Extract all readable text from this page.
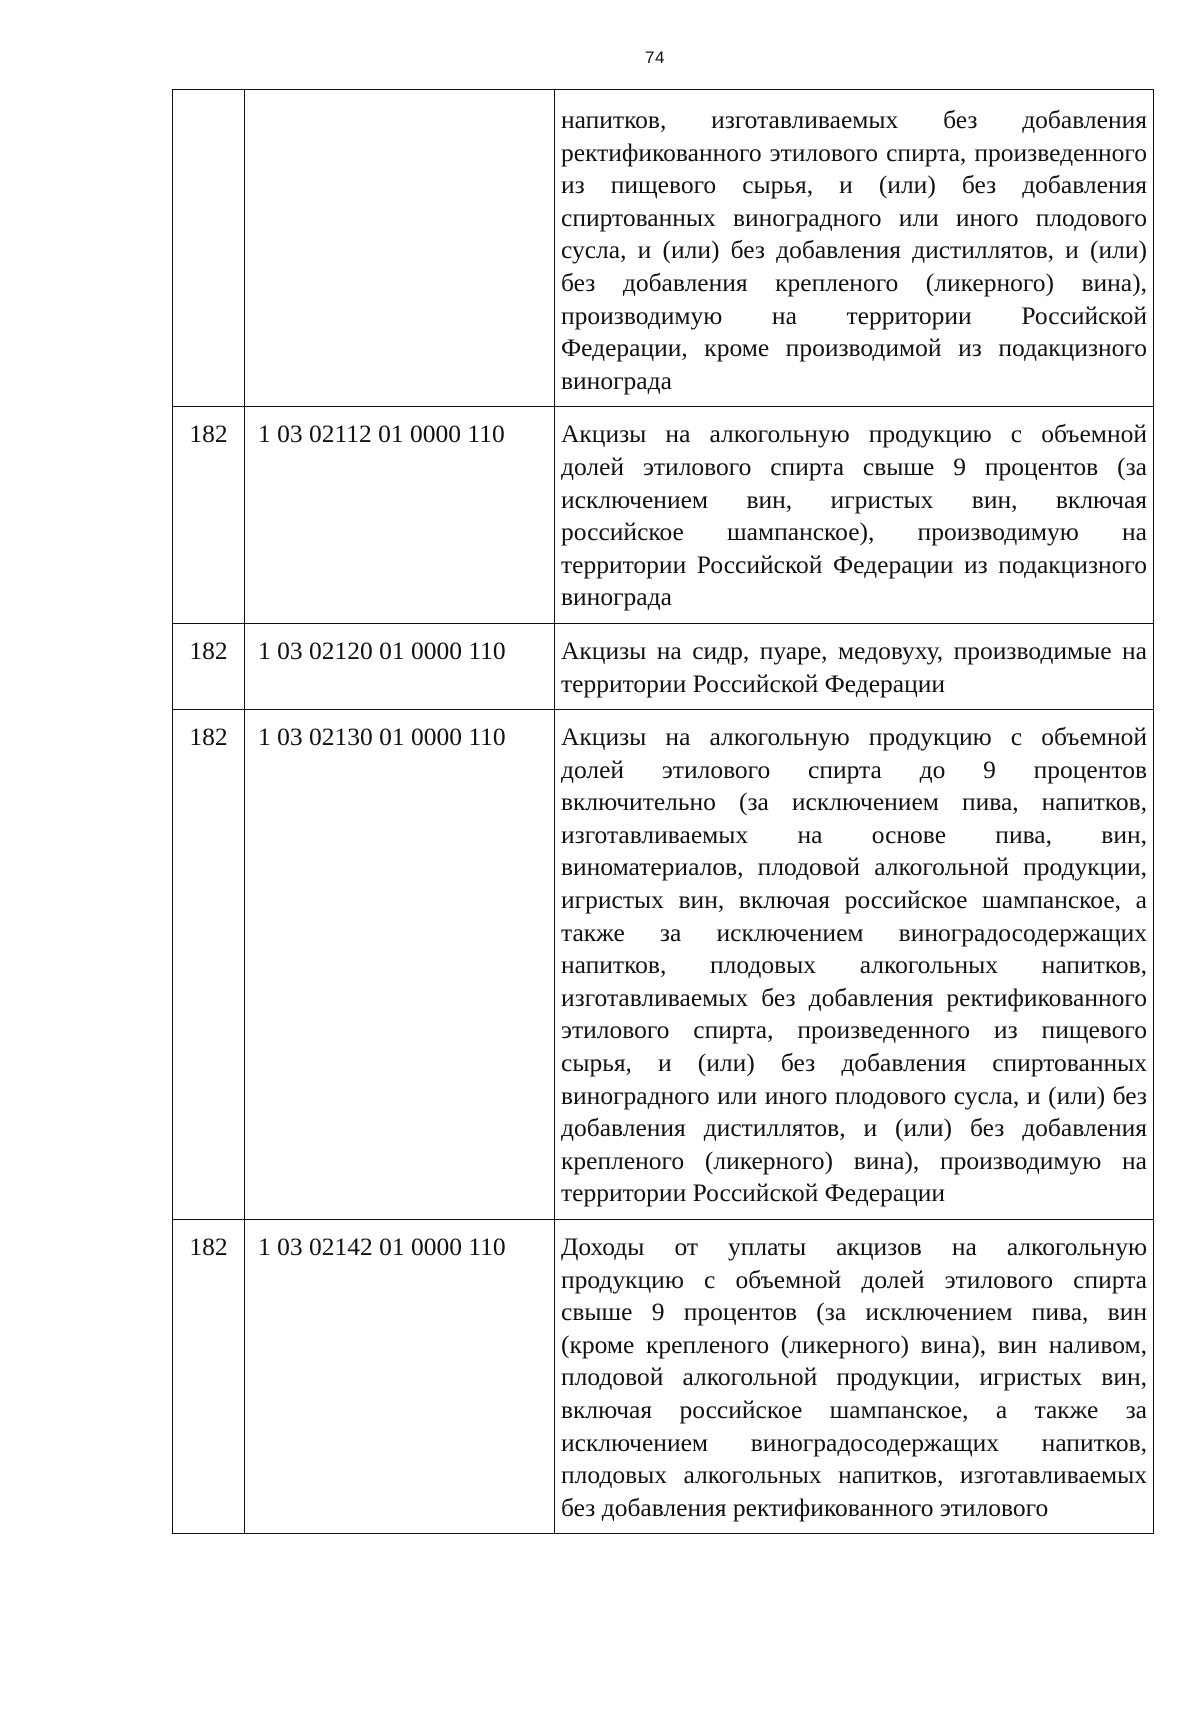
74
		напитков, изготавливаемых без добавления ректификованного этилового спирта, произведенного из пищевого сырья, и (или) без добавления спиртованных виноградного или иного плодового сусла, и (или) без добавления дистиллятов, и (или) без добавления крепленого (ликерного) вина), производимую на территории Российской Федерации, кроме производимой из подакцизного винограда
182	1 03 02112 01 0000 110	Акцизы на алкогольную продукцию с объемной долей этилового спирта свыше 9 процентов (за исключением вин, игристых вин, включая российское шампанское), производимую на территории Российской Федерации из подакцизного винограда
182	1 03 02120 01 0000 110	Акцизы на сидр, пуаре, медовуху, производимые на территории Российской Федерации
182	1 03 02130 01 0000 110	Акцизы на алкогольную продукцию с объемной долей этилового спирта до 9 процентов включительно (за исключением пива, напитков, изготавливаемых на основе пива, вин, виноматериалов, плодовой алкогольной продукции, игристых вин, включая российское шампанское, а также за исключением виноградосодержащих напитков, плодовых алкогольных напитков, изготавливаемых без добавления ректификованного этилового спирта, произведенного из пищевого сырья, и (или) без добавления спиртованных виноградного или иного плодового сусла, и (или) без добавления дистиллятов, и (или) без добавления крепленого (ликерного) вина), производимую на территории Российской Федерации
182	1 03 02142 01 0000 110	Доходы от уплаты акцизов на алкогольную продукцию с объемной долей этилового спирта свыше 9 процентов (за исключением пива, вин (кроме крепленого (ликерного) вина), вин наливом, плодовой алкогольной продукции, игристых вин, включая российское шампанское, а также за исключением виноградосодержащих напитков, плодовых алкогольных напитков, изготавливаемых без добавления ректификованного этилового
